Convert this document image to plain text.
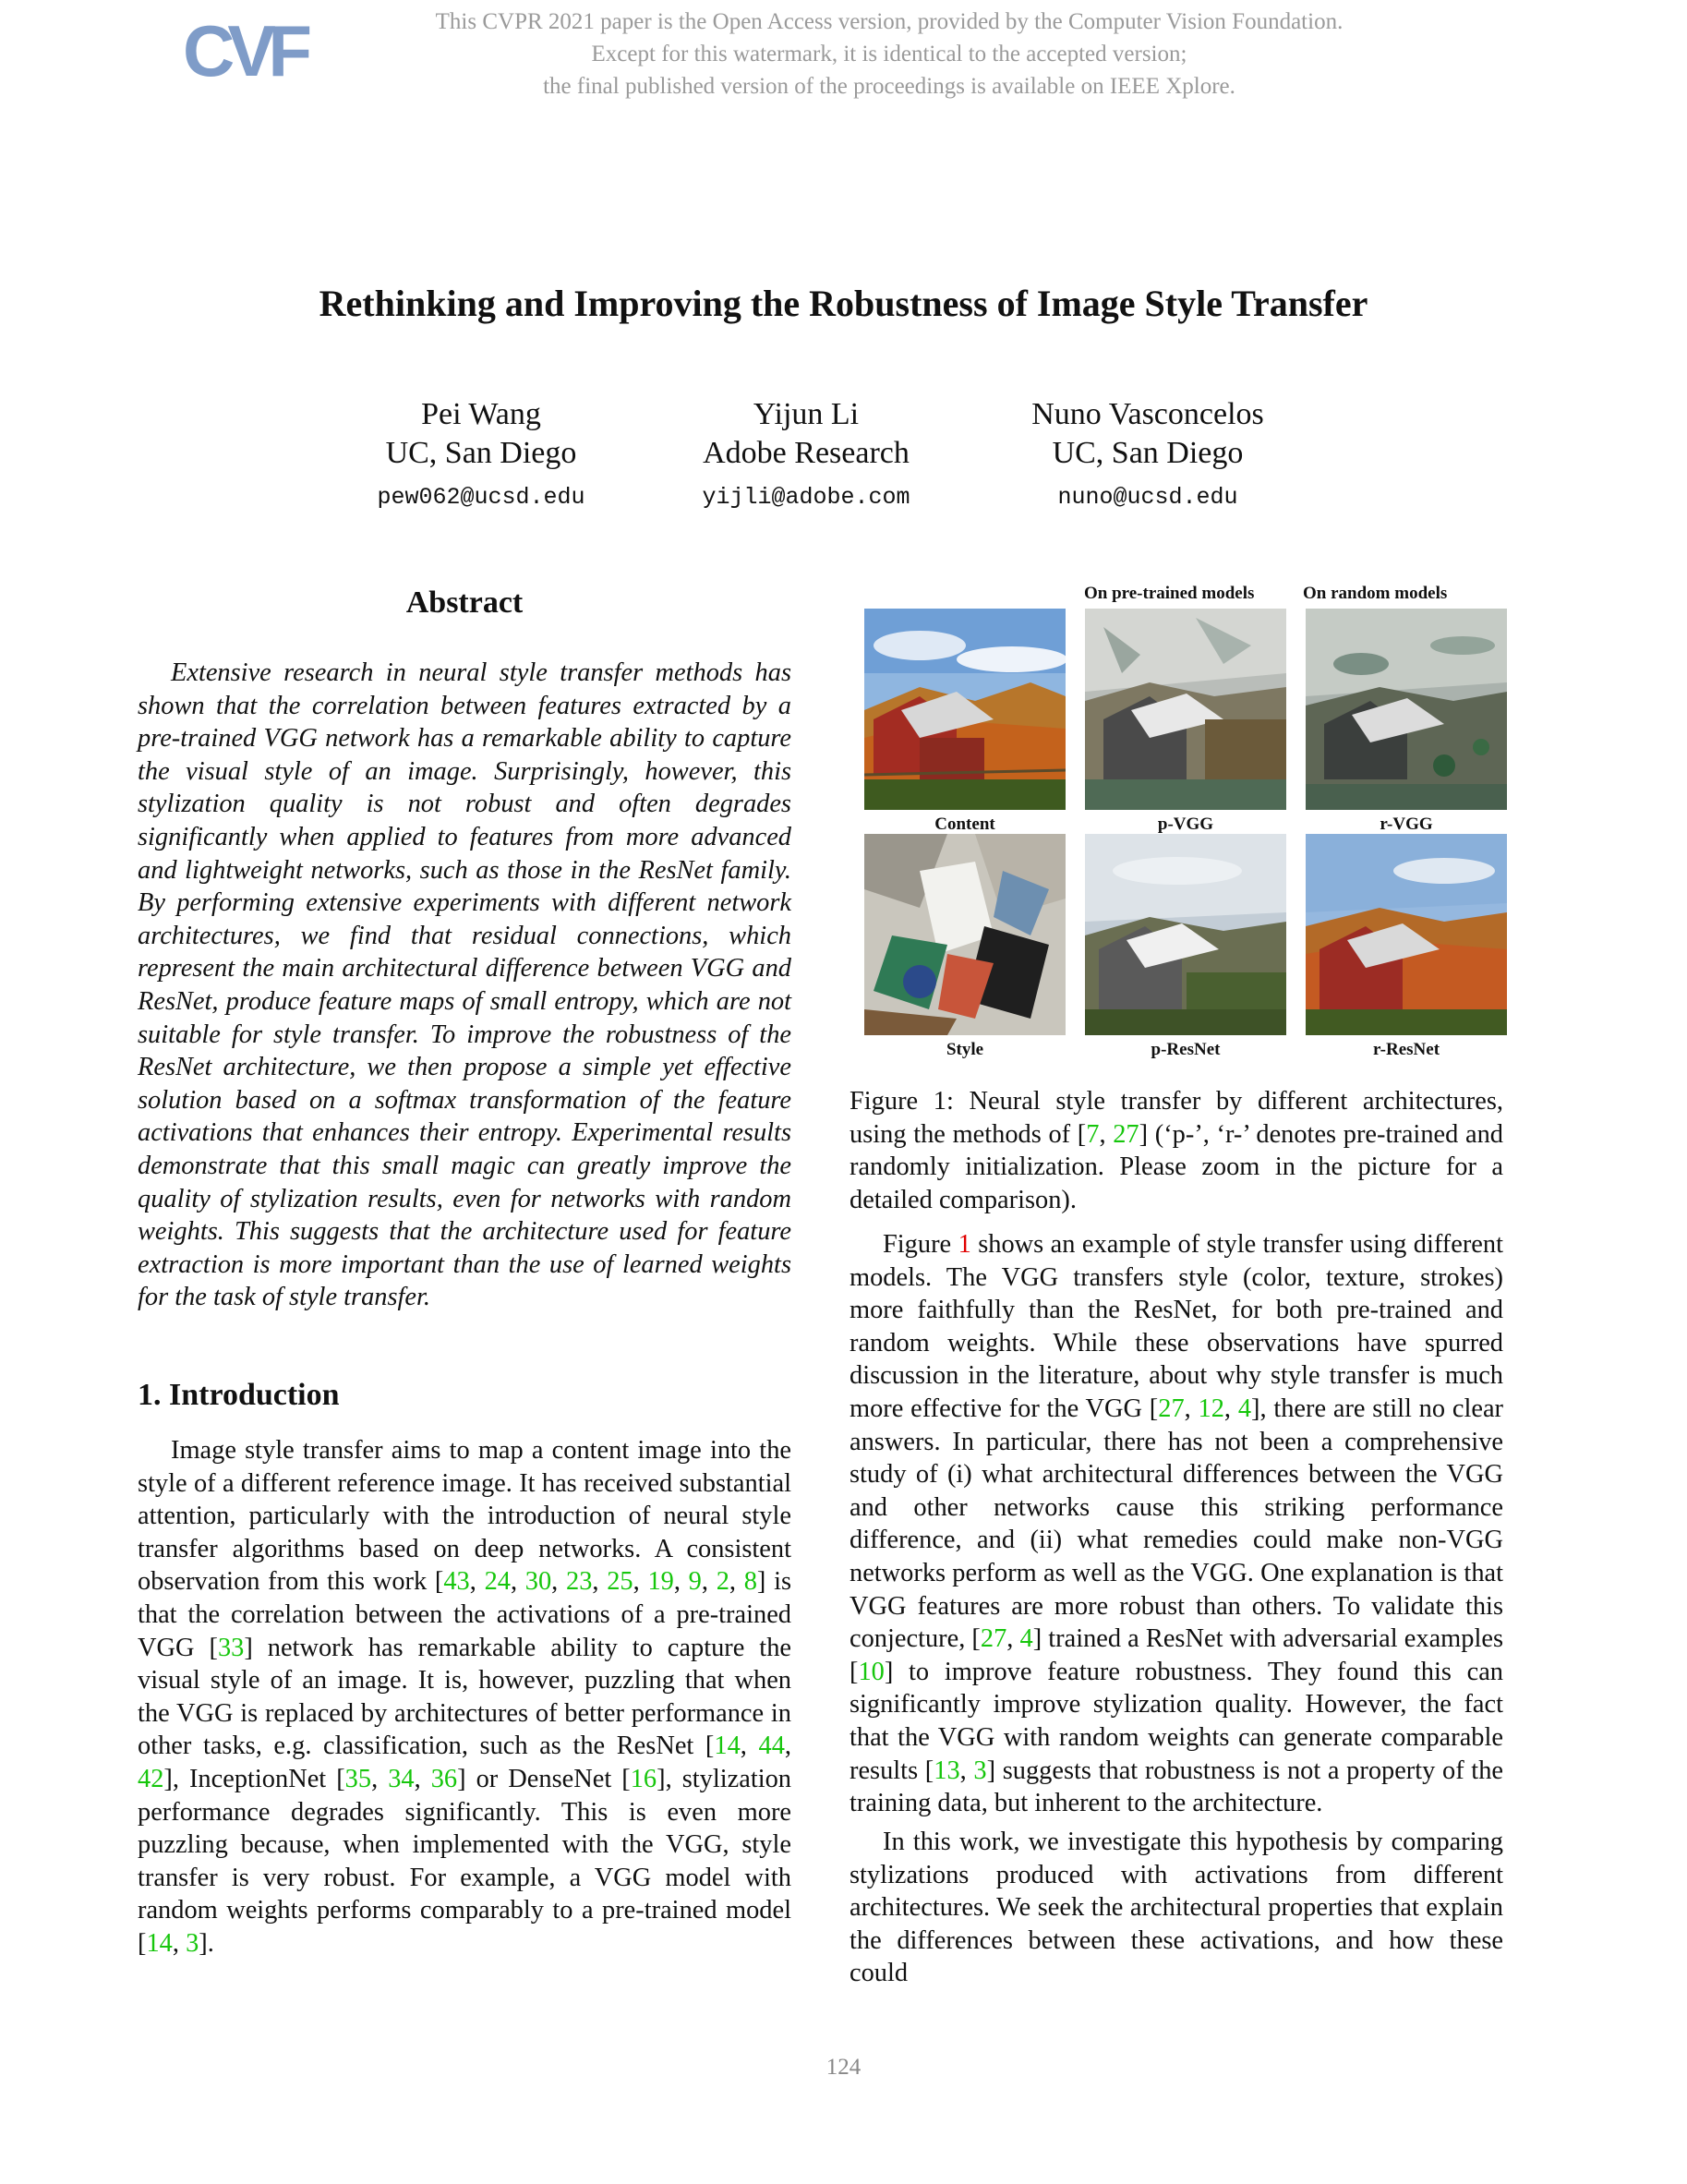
CVF	This CVPR 2021 paper is the Open Access version, provided by the Computer Vision Foundation.
Except for this watermark, it is identical to the accepted version;
the final published version of the proceedings is available on IEEE Xplore.
Rethinking and Improving the Robustness of Image Style Transfer
Pei Wang
UC, San Diego
pew062@ucsd.edu
Yijun Li
Adobe Research
yijli@adobe.com
Nuno Vasconcelos
UC, San Diego
nuno@ucsd.edu
Abstract
Extensive research in neural style transfer methods has shown that the correlation between features extracted by a pre-trained VGG network has a remarkable ability to capture the visual style of an image. Surprisingly, however, this stylization quality is not robust and often degrades significantly when applied to features from more advanced and lightweight networks, such as those in the ResNet family. By performing extensive experiments with different network architectures, we find that residual connections, which represent the main architectural difference between VGG and ResNet, produce feature maps of small entropy, which are not suitable for style transfer. To improve the robustness of the ResNet architecture, we then propose a simple yet effective solution based on a softmax transformation of the feature activations that enhances their entropy. Experimental results demonstrate that this small magic can greatly improve the quality of stylization results, even for networks with random weights. This suggests that the architecture used for feature extraction is more important than the use of learned weights for the task of style transfer.
1. Introduction
Image style transfer aims to map a content image into the style of a different reference image. It has received substantial attention, particularly with the introduction of neural style transfer algorithms based on deep networks. A consistent observation from this work [43, 24, 30, 23, 25, 19, 9, 2, 8] is that the correlation between the activations of a pre-trained VGG [33] network has remarkable ability to capture the visual style of an image. It is, however, puzzling that when the VGG is replaced by architectures of better performance in other tasks, e.g. classification, such as the ResNet [14, 44, 42], InceptionNet [35, 34, 36] or DenseNet [16], stylization performance degrades significantly. This is even more puzzling because, when implemented with the VGG, style transfer is very robust. For example, a VGG model with random weights performs comparably to a pre-trained model [14, 3].
On pre-trained models	On random models
Content	p-VGG	r-VGG
Style	p-ResNet	r-ResNet
Figure 1: Neural style transfer by different architectures, using the methods of [7, 27] (‘p-’, ‘r-’ denotes pre-trained and randomly initialization. Please zoom in the picture for a detailed comparison).
Figure 1 shows an example of style transfer using different models. The VGG transfers style (color, texture, strokes) more faithfully than the ResNet, for both pre-trained and random weights. While these observations have spurred discussion in the literature, about why style transfer is much more effective for the VGG [27, 12, 4], there are still no clear answers. In particular, there has not been a comprehensive study of (i) what architectural differences between the VGG and other networks cause this striking performance difference, and (ii) what remedies could make non-VGG networks perform as well as the VGG. One explanation is that VGG features are more robust than others. To validate this conjecture, [27, 4] trained a ResNet with adversarial examples [10] to improve feature robustness. They found this can significantly improve stylization quality. However, the fact that the VGG with random weights can generate comparable results [13, 3] suggests that robustness is not a property of the training data, but inherent to the architecture.
In this work, we investigate this hypothesis by comparing stylizations produced with activations from different architectures. We seek the architectural properties that explain the differences between these activations, and how these could
124
